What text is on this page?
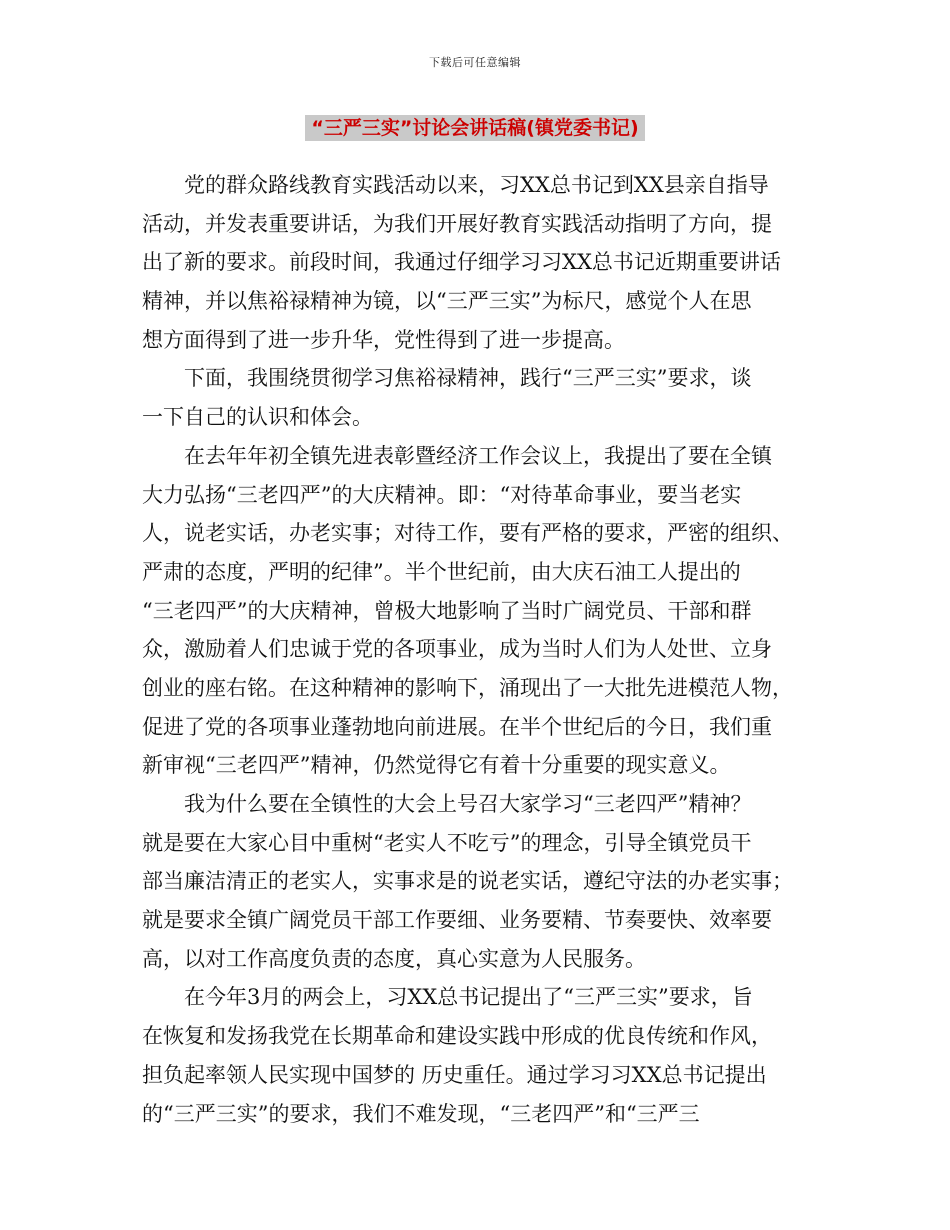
下载后可任意编辑
“三严三实”讨论会讲话稿(镇党委书记)
　　党的群众路线教育实践活动以来，习XX总书记到XX县亲自指导
活动，并发表重要讲话，为我们开展好教育实践活动指明了方向，提
出了新的要求。前段时间，我通过仔细学习习XX总书记近期重要讲话
精神，并以焦裕禄精神为镜，以“三严三实”为标尺，感觉个人在思
想方面得到了进一步升华，党性得到了进一步提高。
　　下面，我围绕贯彻学习焦裕禄精神，践行“三严三实”要求，谈
一下自己的认识和体会。
　　在去年年初全镇先进表彰暨经济工作会议上，我提出了要在全镇
大力弘扬“三老四严”的大庆精神。即：“对待革命事业，要当老实
人，说老实话，办老实事；对待工作，要有严格的要求，严密的组织、
严肃的态度，严明的纪律”。半个世纪前，由大庆石油工人提出的
“三老四严”的大庆精神，曾极大地影响了当时广阔党员、干部和群
众，激励着人们忠诚于党的各项事业，成为当时人们为人处世、立身
创业的座右铭。在这种精神的影响下，涌现出了一大批先进模范人物，
促进了党的各项事业蓬勃地向前进展。在半个世纪后的今日，我们重
新审视“三老四严”精神，仍然觉得它有着十分重要的现实意义。
　　我为什么要在全镇性的大会上号召大家学习“三老四严”精神？
就是要在大家心目中重树“老实人不吃亏”的理念，引导全镇党员干
部当廉洁清正的老实人，实事求是的说老实话，遵纪守法的办老实事；
就是要求全镇广阔党员干部工作要细、业务要精、节奏要快、效率要
高，以对工作高度负责的态度，真心实意为人民服务。
　　在今年3月的两会上，习XX总书记提出了“三严三实”要求，旨
在恢复和发扬我党在长期革命和建设实践中形成的优良传统和作风，
担负起率领人民实现中国梦的 历史重任。通过学习习XX总书记提出
的“三严三实”的要求，我们不难发现，“三老四严”和“三严三
